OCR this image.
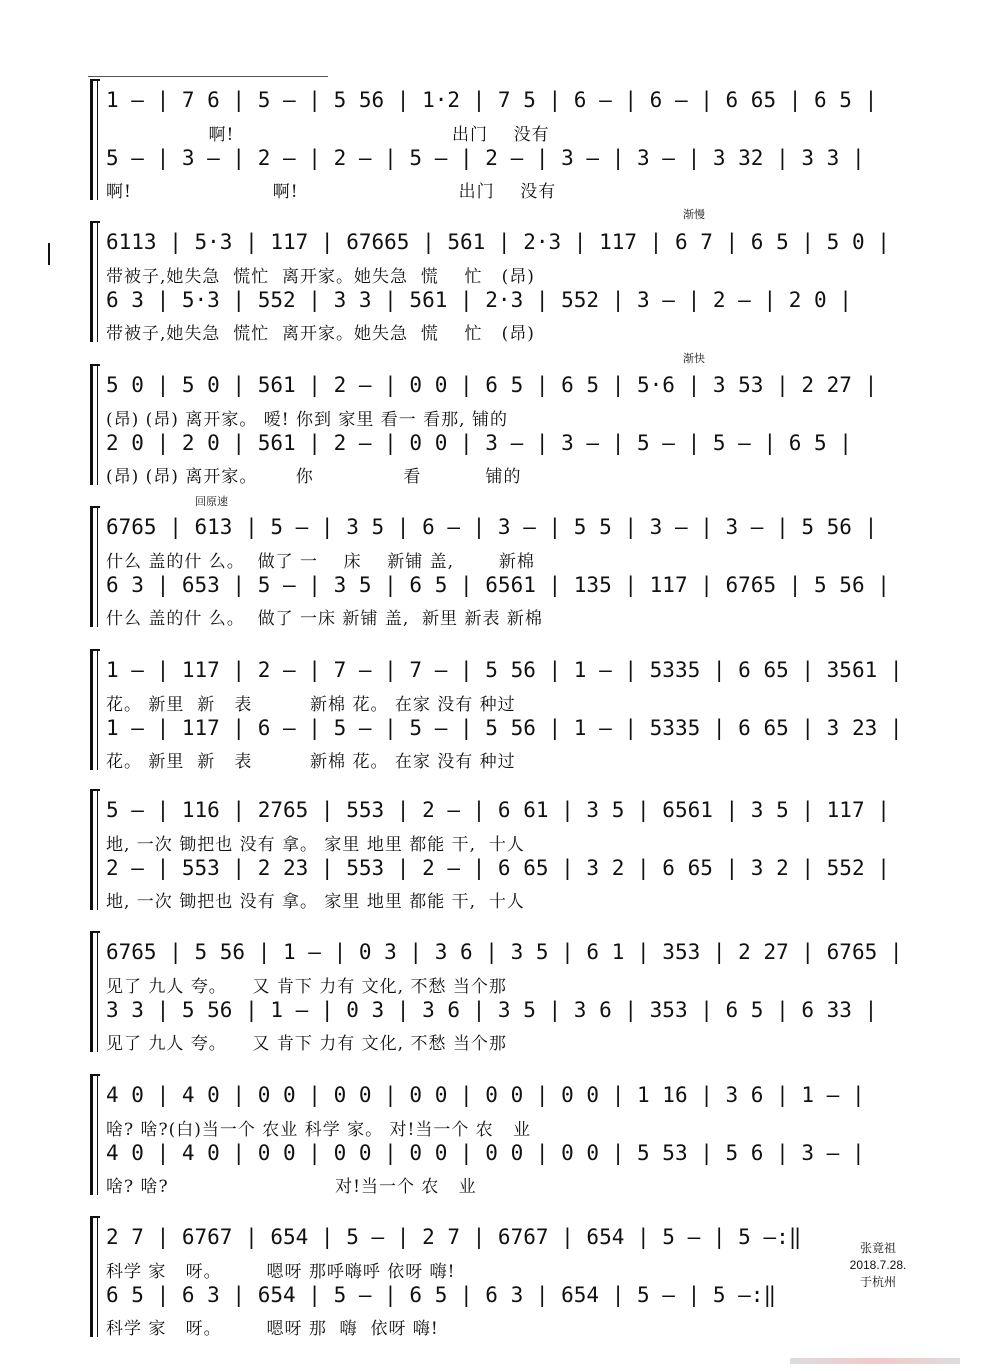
1 — | 7 6 | 5 — | 5 56 | 1·2 | 7 5 | 6 — | 6 — | 6 65 | 6 5 |
啊!                                  出门    没有
5 — | 3 — | 2 — | 2 — | 5 — | 2 — | 3 — | 3 — | 3 32 | 3 3 |
啊!                      啊!                         出门    没有
渐慢
6113 | 5·3 | 117 | 67665 | 561 | 2·3 | 117 | 6 7 | 6 5 | 5 0 |
带被子,她失急  慌忙  离开家。她失急  慌    忙   (昂)
6 3 | 5·3 | 552 | 3 3 | 561 | 2·3 | 552 | 3 — | 2 — | 2 0 |
带被子,她失急  慌忙  离开家。她失急  慌    忙   (昂)
渐快
5 0 | 5 0 | 561 | 2 — | 0 0 | 6 5 | 6 5 | 5·6 | 3 53 | 2 27 |
(昂) (昂) 离开家。 嗳! 你到 家里 看一 看那, 铺的
2 0 | 2 0 | 561 | 2 — | 0 0 | 3 — | 3 — | 5 — | 5 — | 6 5 |
(昂) (昂) 离开家。      你              看          铺的
回原速
6765 | 613 | 5 — | 3 5 | 6 — | 3 — | 5 5 | 3 — | 3 — | 5 56 |
什么 盖的什 么。  做了 一    床    新铺 盖,       新棉
6 3 | 653 | 5 — | 3 5 | 6 5 | 6561 | 135 | 117 | 6765 | 5 56 |
什么 盖的什 么。  做了 一床 新铺 盖,  新里 新表 新棉
1 — | 117 | 2 — | 7 — | 7 — | 5 56 | 1 — | 5335 | 6 65 | 3561 |
花。 新里  新   表         新棉 花。 在家 没有 种过
1 — | 117 | 6 — | 5 — | 5 — | 5 56 | 1 — | 5335 | 6 65 | 3 23 |
花。 新里  新   表         新棉 花。 在家 没有 种过
5 — | 116 | 2765 | 553 | 2 — | 6 61 | 3 5 | 6561 | 3 5 | 117 |
地, 一次 锄把也 没有 拿。 家里 地里 都能 干,  十人
2 — | 553 | 2 23 | 553 | 2 — | 6 65 | 3 2 | 6 65 | 3 2 | 552 |
地, 一次 锄把也 没有 拿。 家里 地里 都能 干,  十人
6765 | 5 56 | 1 — | 0 3 | 3 6 | 3 5 | 6 1 | 353 | 2 27 | 6765 |
见了 九人 夸。    又 肯下 力有 文化, 不愁 当个那
3 3 | 5 56 | 1 — | 0 3 | 3 6 | 3 5 | 3 6 | 353 | 6 5 | 6 33 |
见了 九人 夸。    又 肯下 力有 文化, 不愁 当个那
4 0 | 4 0 | 0 0 | 0 0 | 0 0 | 0 0 | 0 0 | 1 16 | 3 6 | 1 — |
啥? 啥?(白)当一个 农业 科学 家。 对!当一个 农   业
4 0 | 4 0 | 0 0 | 0 0 | 0 0 | 0 0 | 0 0 | 5 53 | 5 6 | 3 — |
啥? 啥?                          对!当一个 农   业
2 7 | 6767 | 654 | 5 — | 2 7 | 6767 | 654 | 5 — | 5 —:‖
科学 家   呀。       嗯呀 那呼嗨呼 依呀 嗨!
6 5 | 6 3 | 654 | 5 — | 6 5 | 6 3 | 654 | 5 — | 5 —:‖
科学 家   呀。       嗯呀 那  嗨  依呀 嗨!
张竟祖
2018.7.28.
于杭州
